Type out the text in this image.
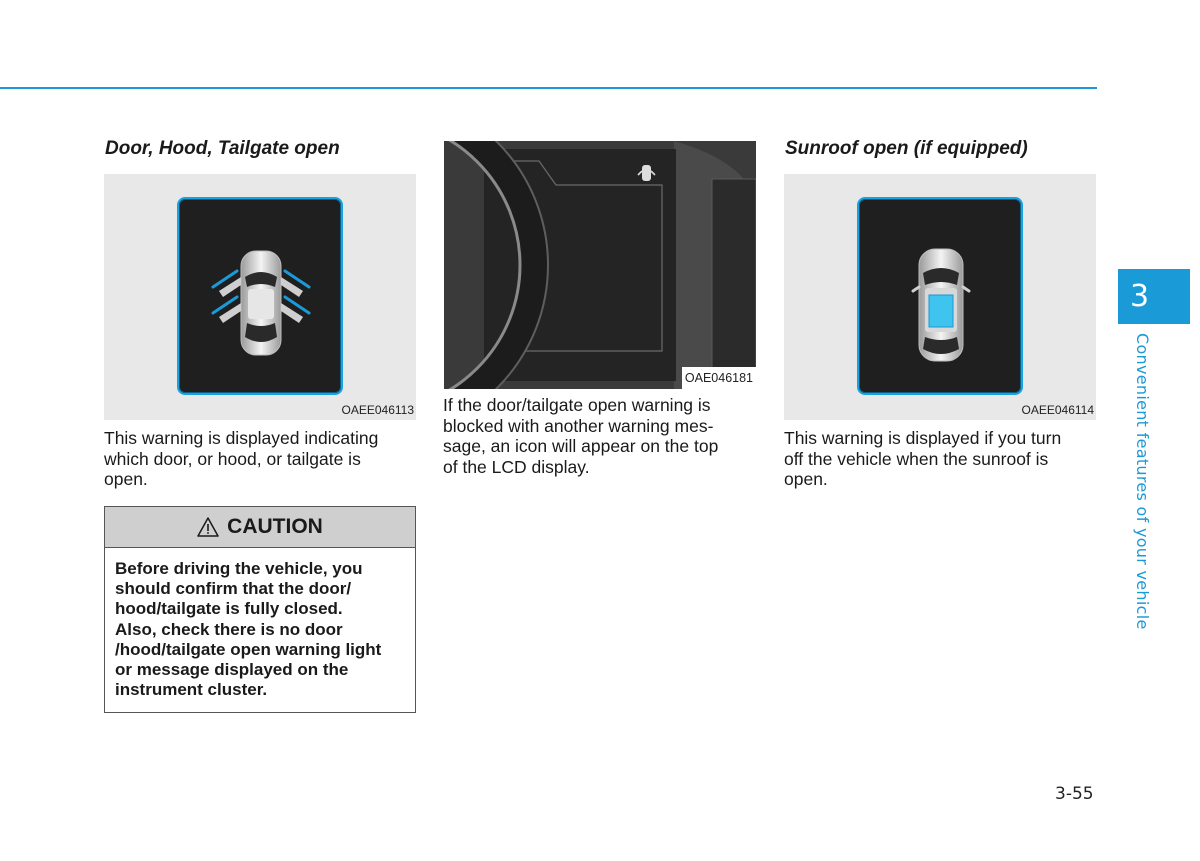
Door, Hood, Tailgate open
OAEE046113
This warning is displayed indicating
which door, or hood, or tailgate is
open.
CAUTION
Before driving the vehicle, you
should confirm that the door/
hood/tailgate is fully closed.
Also, check there is no door
/hood/tailgate open warning light
or message displayed on the
instrument cluster.
OAE046181
If the door/tailgate open warning is
blocked with another warning mes-
sage, an icon will appear on the top
of the LCD display.
Sunroof open (if equipped)
OAEE046114
This warning is displayed if you turn
off the vehicle when the sunroof is
open.
3
Convenient features of your vehicle
3-55
